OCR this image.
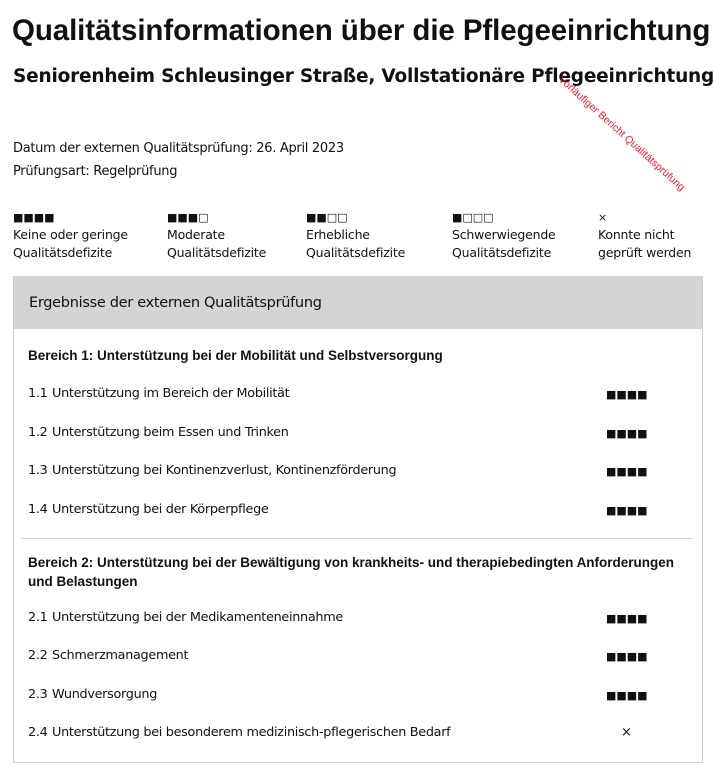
Qualitätsinformationen über die Pflegeeinrichtung
Seniorenheim Schleusinger Straße, Vollstationäre Pflegeeinrichtung
Vorläufiger Bericht Qualitätsprüfung
Datum der externen Qualitätsprüfung: 26. April 2023
Prüfungsart: Regelprüfung
■■■■
Keine oder geringe
Qualitätsdefizite
■■■□
Moderate
Qualitätsdefizite
■■□□
Erhebliche
Qualitätsdefizite
■□□□
Schwerwiegende
Qualitätsdefizite
×
Konnte nicht
geprüft werden
Ergebnisse der externen Qualitätsprüfung
Bereich 1: Unterstützung bei der Mobilität und Selbstversorgung
1.1 Unterstützung im Bereich der Mobilität	■■■■
1.2 Unterstützung beim Essen und Trinken	■■■■
1.3 Unterstützung bei Kontinenzverlust, Kontinenzförderung	■■■■
1.4 Unterstützung bei der Körperpflege	■■■■
Bereich 2: Unterstützung bei der Bewältigung von krankheits- und therapiebedingten Anforderungen und Belastungen
2.1 Unterstützung bei der Medikamenteneinnahme	■■■■
2.2 Schmerzmanagement	■■■■
2.3 Wundversorgung	■■■■
2.4 Unterstützung bei besonderem medizinisch-pflegerischen Bedarf	×
